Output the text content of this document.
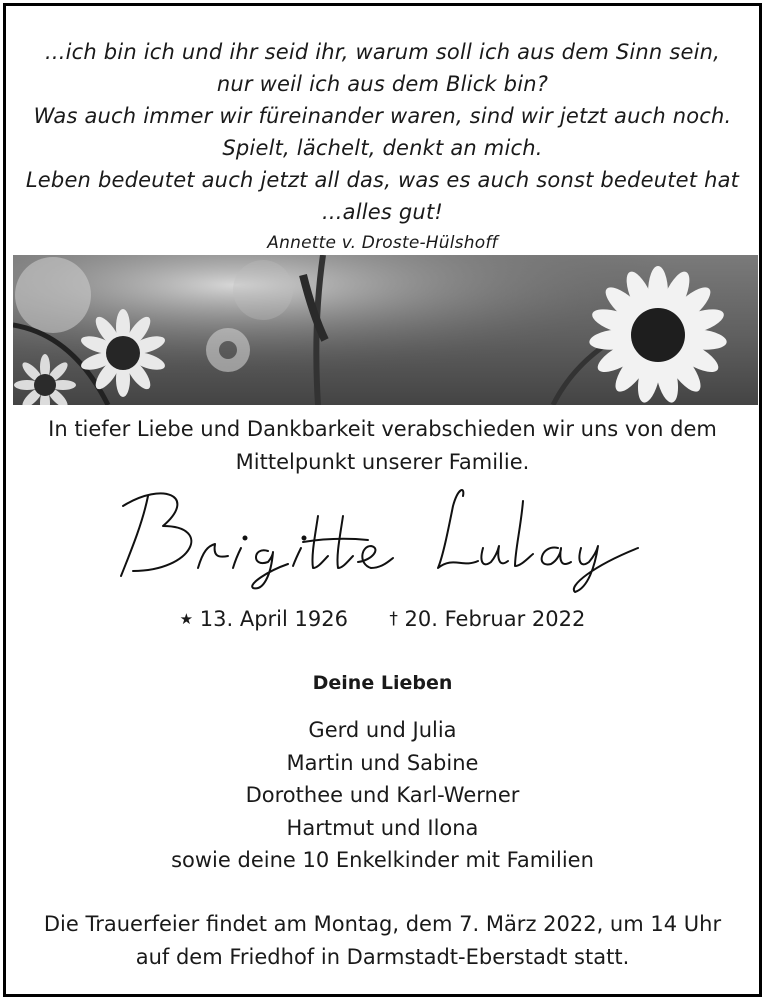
...ich bin ich und ihr seid ihr, warum soll ich aus dem Sinn sein,
nur weil ich aus dem Blick bin?
Was auch immer wir füreinander waren, sind wir jetzt auch noch.
Spielt, lächelt, denkt an mich.
Leben bedeutet auch jetzt all das, was es auch sonst bedeutet hat
...alles gut!
Annette v. Droste-Hülshoff
In tiefer Liebe und Dankbarkeit verabschieden wir uns von dem
Mittelpunkt unserer Familie.
★ 13. April 1926 † 20. Februar 2022
Deine Lieben
Gerd und Julia
Martin und Sabine
Dorothee und Karl-Werner
Hartmut und Ilona
sowie deine 10 Enkelkinder mit Familien
Die Trauerfeier findet am Montag, dem 7. März 2022, um 14 Uhr
auf dem Friedhof in Darmstadt-Eberstadt statt.
